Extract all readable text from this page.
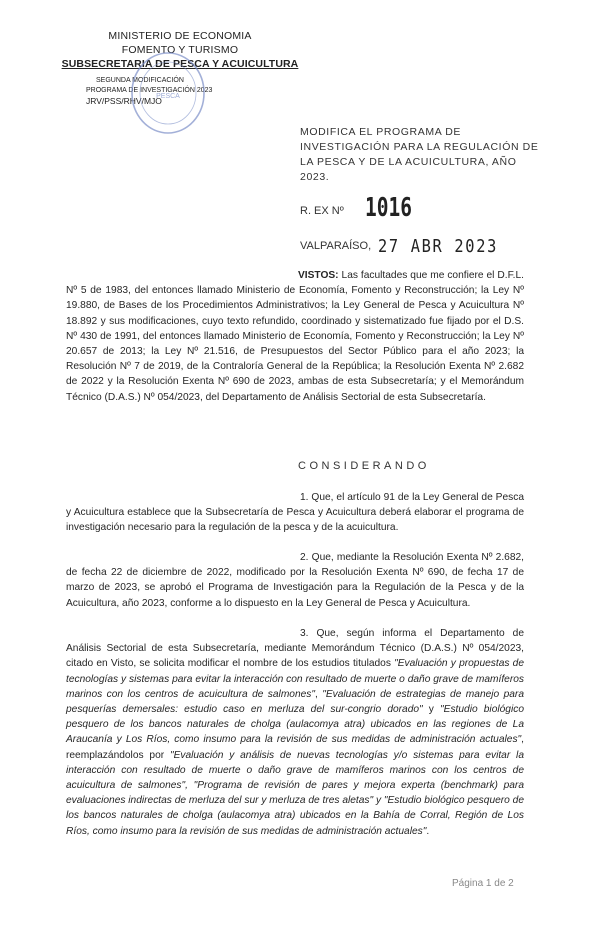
MINISTERIO DE ECONOMIA
FOMENTO Y TURISMO
SUBSECRETARIA DE PESCA Y ACUICULTURA
SEGUNDA MODIFICACIÓN
PROGRAMA DE INVESTIGACIÓN 2023
JRV/PSS/RHV/MJO
PESCA
MODIFICA EL PROGRAMA DE INVESTIGACIÓN PARA LA REGULACIÓN DE LA PESCA Y DE LA ACUICULTURA, AÑO 2023.
R. EX Nº 1016
VALPARAÍSO, 27 ABR 2023
VISTOS: Las facultades que me confiere el D.F.L. Nº 5 de 1983, del entonces llamado Ministerio de Economía, Fomento y Reconstrucción; la Ley Nº 19.880, de Bases de los Procedimientos Administrativos; la Ley General de Pesca y Acuicultura Nº 18.892 y sus modificaciones, cuyo texto refundido, coordinado y sistematizado fue fijado por el D.S. Nº 430 de 1991, del entonces llamado Ministerio de Economía, Fomento y Reconstrucción; la Ley Nº 20.657 de 2013; la Ley Nº 21.516, de Presupuestos del Sector Público para el año 2023; la Resolución Nº 7 de 2019, de la Contraloría General de la República; la Resolución Exenta Nº 2.682 de 2022 y la Resolución Exenta Nº 690 de 2023, ambas de esta Subsecretaría; y el Memorándum Técnico (D.A.S.) Nº 054/2023, del Departamento de Análisis Sectorial de esta Subsecretaría.
CONSIDERANDO
1. Que, el artículo 91 de la Ley General de Pesca y Acuicultura establece que la Subsecretaría de Pesca y Acuicultura deberá elaborar el programa de investigación necesario para la regulación de la pesca y de la acuicultura.
2. Que, mediante la Resolución Exenta Nº 2.682, de fecha 22 de diciembre de 2022, modificado por la Resolución Exenta Nº 690, de fecha 17 de marzo de 2023, se aprobó el Programa de Investigación para la Regulación de la Pesca y de la Acuicultura, año 2023, conforme a lo dispuesto en la Ley General de Pesca y Acuicultura.
3. Que, según informa el Departamento de Análisis Sectorial de esta Subsecretaría, mediante Memorándum Técnico (D.A.S.) Nº 054/2023, citado en Visto, se solicita modificar el nombre de los estudios titulados "Evaluación y propuestas de tecnologías y sistemas para evitar la interacción con resultado de muerte o daño grave de mamíferos marinos con los centros de acuicultura de salmones", "Evaluación de estrategias de manejo para pesquerías demersales: estudio caso en merluza del sur-congrio dorado" y "Estudio biológico pesquero de los bancos naturales de cholga (aulacomya atra) ubicados en las regiones de La Araucanía y Los Ríos, como insumo para la revisión de sus medidas de administración actuales", reemplazándolos por "Evaluación y análisis de nuevas tecnologías y/o sistemas para evitar la interacción con resultado de muerte o daño grave de mamíferos marinos con los centros de acuicultura de salmones", "Programa de revisión de pares y mejora experta (benchmark) para evaluaciones indirectas de merluza del sur y merluza de tres aletas" y "Estudio biológico pesquero de los bancos naturales de cholga (aulacomya atra) ubicados en la Bahía de Corral, Región de Los Ríos, como insumo para la revisión de sus medidas de administración actuales".
Página 1 de 2
